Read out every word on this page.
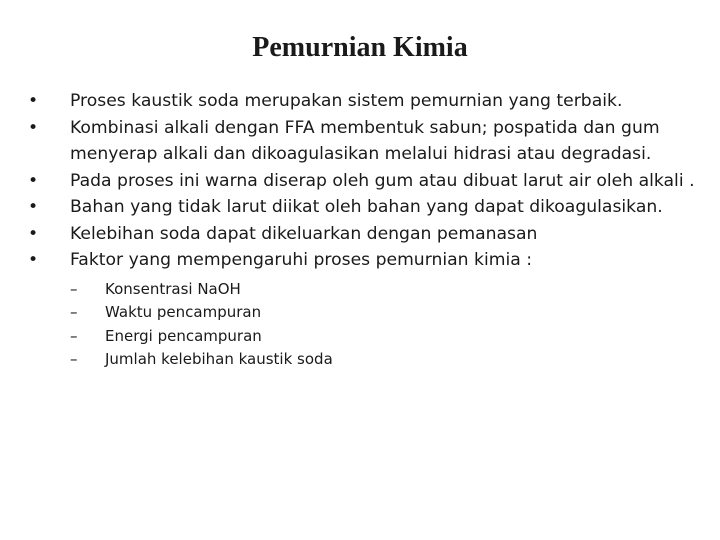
Pemurnian Kimia
•	Proses kaustik soda merupakan sistem pemurnian yang terbaik.
•	Kombinasi alkali dengan FFA membentuk sabun; pospatida dan gum menyerap alkali dan dikoagulasikan melalui hidrasi atau degradasi.
•	Pada proses ini warna diserap oleh gum atau dibuat larut air oleh alkali .
•	Bahan yang tidak larut diikat oleh bahan yang dapat dikoagulasikan.
•	Kelebihan soda dapat dikeluarkan dengan pemanasan
•	Faktor yang mempengaruhi proses pemurnian kimia :
– Konsentrasi NaOH
– Waktu pencampuran
– Energi pencampuran
– Jumlah kelebihan kaustik soda
